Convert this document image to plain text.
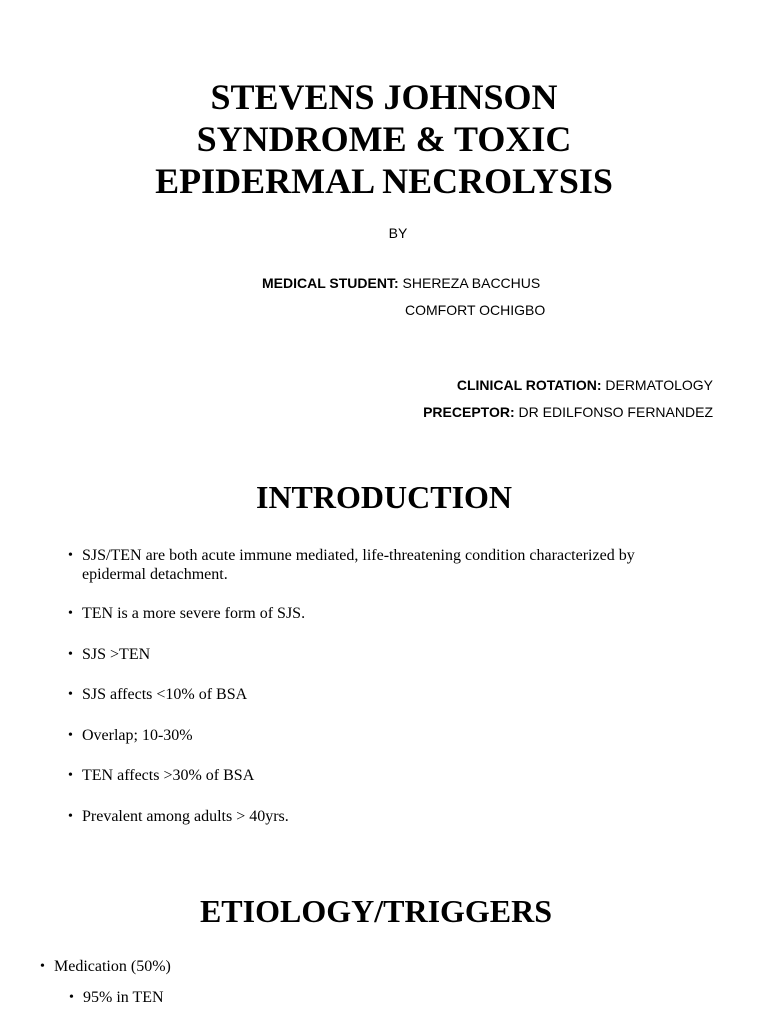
STEVENS JOHNSON
SYNDROME & TOXIC
EPIDERMAL NECROLYSIS
BY
MEDICAL STUDENT: SHEREZA BACCHUS
COMFORT OCHIGBO
CLINICAL ROTATION: DERMATOLOGY
PRECEPTOR: DR EDILFONSO FERNANDEZ
INTRODUCTION
• SJS/TEN are both acute immune mediated, life-threatening condition characterized by epidermal detachment.
• TEN is a more severe form of SJS.
• SJS >TEN
• SJS affects <10% of BSA
• Overlap; 10-30%
• TEN affects >30% of BSA
• Prevalent among adults > 40yrs.
ETIOLOGY/TRIGGERS
• Medication (50%)
• 95% in TEN
